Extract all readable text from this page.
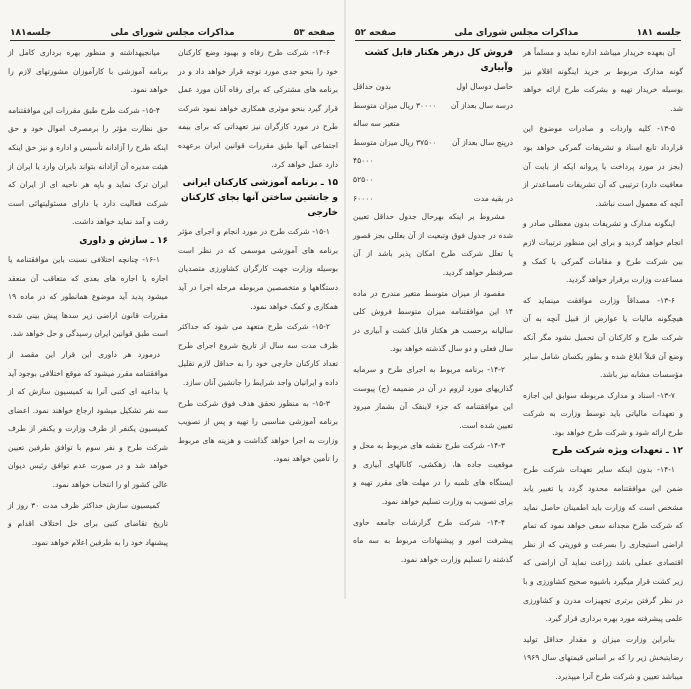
صفحه ۵۳
مذاکرات مجلس شورای ملی
جلسه۱۸۱

میانجیهداشته و منظور بهره برداری کامل از برنامه آموزشی با کارآموزان مشورتهای لازم را خواهد نمود.

۱۵-۴- شرکت طرح طبق مقررات این موافقتنامه حق نظارت مؤثر را برمصرف اموال خود و حق اینکه طرح را آزادانه تأسیس و اداره و نیز حق اینکه هیئت مدیره آن آزادانه بتواند بایران وارد یا ایران از ایران ترک نماید و باپه هر ناحیه ای از ایران که شرکت فعالیت دارد یا دارای مسئولیتهائی است رفت و آمد نماید خواهد داشت.

۱۶ ـ سازش و داوری

۱۶-۱- چنانچه اختلافی نسبت باین موافقتنامه یا اجاره یا اجاره های بعدی که متعاقب آن منعقد میشود پدید آید موضوع همانطور که در ماده ۱۹ مقررات قانون اراضی زیر سدها پیش بینی شده است طبق قوانین ایران رسیدگی و حل خواهد شد.

درمورد هر داوری این قرار این مقصد از موافقتنامه مقرر میشود که موقع اختلافی بوجود آید یا بداعیه ای کتبی آنرا به کمیسیون سازش که از سه نفر تشکیل میشود ارجاع خواهند نمود. اعضای کمیسیون یکنفر از طرف وزارت و یکنفر از طرف شرکت طرح و نفر سوم با توافق طرفین تعیین خواهد شد و در صورت عدم توافق رئیس دیوان عالی کشور او را انتخاب خواهد نمود.

کمیسیون سازش حداکثر ظرف مدت ۳۰ روز از تاریخ تقاضای کتبی برای حل اختلاف اقدام و پیشنهاد خود را به طرفین اعلام خواهد نمود.

۱۴-۶- شرکت طرح رفاه و بهبود وضع کارکنان خود را بنحو جدی مورد توجه قرار خواهد داد و در برنامه های مشترکی که برای رفاه آنان مورد عمل قرار گیرد بنحو موثری همکاری خواهد نمود شرکت طرح در مورد کارگران نیز تعهداتی که برای بیمه اجتماعی آنها طبق مقررات قوانین ایران برعهده دارد عمل خواهد کرد.

۱۵ ـ برنامه آموزشی کارکنان ایرانی و جانشین ساختن آنها بجای کارکنان خارجی

۱۵-۱- شرکت طرح در مورد انجام و اجرای مؤثر برنامه های آموزشی موسمی که در نظر است بوسیله وزارت جهت کارگران کشاورزی متصدیان دستگاهها و متخصصین مربوطه مرحله اجرا در آید همکاری و کمک خواهد نمود.

۱۵-۲- شرکت طرح متعهد می شود که حداکثر ظرف مدت سه سال از تاریخ شروع اجرای طرح تعداد کارکنان خارجی خود را به حداقل لازم تقلیل داده و ایرانیان واجد شرایط را جانشین آنان سازد.

۱۵-۳- به منظور تحقق هدف فوق شرکت طرح برنامه آموزشی مناسبی را تهیه و پس از تصویب وزارت به اجرا خواهد گذاشت و هزینه های مربوط را تأمین خواهد نمود.

جلسه ۱۸۱
مذاکرات مجلس شورای ملی
صفحه ۵۲
فروش کل درهر هکتار قابل کشت وآبیاری
حاصل دوسال اول
بدون حداقل
درسه سال بعداز آن
۳۰۰۰۰ ریال میزان متوسط
متغیر سه ساله
درپنج سال بعداز آن
۳۷۵۰۰ ریال میزان متوسط
۴۵۰۰۰
۵۲۵۰۰
در بقیه مدت
۶۰۰۰۰

مشروط بر اینکه بهرحال جدول حداقل تعیین شده در جدول فوق وتبعیت از آن بعللی بجز قصور یا تعلل شرکت طرح امکان پذیر باشد از آن صرفنظر خواهد گردید.

مقصود از میزان متوسط متغیر مندرج در ماده ۱۴ این موافقتنامه میزان متوسط فروش کلی سالیانه برحسب هر هکتار قابل کشت و آبیاری در سال فعلی و دو سال گذشته خواهد بود.

۱۴-۲- برنامه مربوط به اجرای طرح و سرمایه گذاریهای مورد لزوم در آن در ضمیمه (ج) پیوست این موافقتنامه که جزء لاینفک آن بشمار میرود تعیین شده است.

۱۴-۳- شرکت طرح نقشه های مربوط به محل و موقعیت جاده ها، زهکشی، کانالهای آبیاری و ایستگاه های تلمبه را در مهلت های مقرر تهیه و برای تصویب به وزارت تسلیم خواهد نمود.

۱۴-۴- شرکت طرح گزارشات جامعه حاوی پیشرفت امور و پیشنهادات مربوط به سه ماه گذشته را تسلیم وزارت خواهد نمود.

آن بعهده خریدار میباشد اداره نماید و مسلماً هر گونه مدارک مربوط بر خرید اینگونه اقلام نیز بوسیله خریدار تهیه و بشرکت طرح ارائه خواهد شد.

۱۳-۵- کلیه واردات و صادرات موضوع این قرارداد تابع اسناد و تشریفات گمرکی خواهد بود (بجز در مورد پرداخت یا پروانه ایکه از بابت آن معافیت دارد) ترتیبی که آن تشریفات نامساعدتر از آنچه که معمول است نباشد.

اینگونه مدارک و تشریفات بدون معطلی صادر و انجام خواهد گردید و برای این منظور ترتیبات لازم بین شرکت طرح و مقامات گمرکی با کمک و مساعدت وزارت برقرار خواهد گردید.

۱۳-۶- مصداقاً وزارت موافقت مینماید که هیچگونه مالیات یا عوارض از قبیل آنچه به آن شرکت طرح و کارکنان آن تحمیل نشود مگر آنکه وضع آن قبلاً ابلاغ شده و بطور یکسان شامل سایر مؤسسات مشابه نیز باشد.

۱۳-۷- اسناد و مدارک مربوطه سوابق این اجازه و تعهدات مالیاتی باید توسط وزارت به شرکت طرح ارائه شود و شرکت طرح خواهد بود.

۱۲ ـ تعهدات ویژه شرکت طرح

۱۴-۱- بدون اینکه سایر تعهدات شرکت طرح ضمن این موافقتنامه محدود گردد یا تغییر یابد مشخص است که وزارت باید اطمینان حاصل نماید که شرکت طرح مجدانه سعی خواهد نمود که تمام اراضی استیجاری را بسرعت و فوریتی که از نظر اقتصادی عملی باشد زراعت نماید آن اراضی که زیر کشت قرار میگیرد باشیوه صحیح کشاورزی و با در نظر گرفتن برتری تجهیزات مدرن و کشاورزی علمی پیشرفته مورد بهره برداری قرار گیرد.

بنابراین وزارت میزان و مقدار حداقل تولید رضایتبخش زیر را که بر اساس قیمتهای سال ۱۹۶۹ میباشد تعیین و شرکت طرح آنرا میپذیرد.
